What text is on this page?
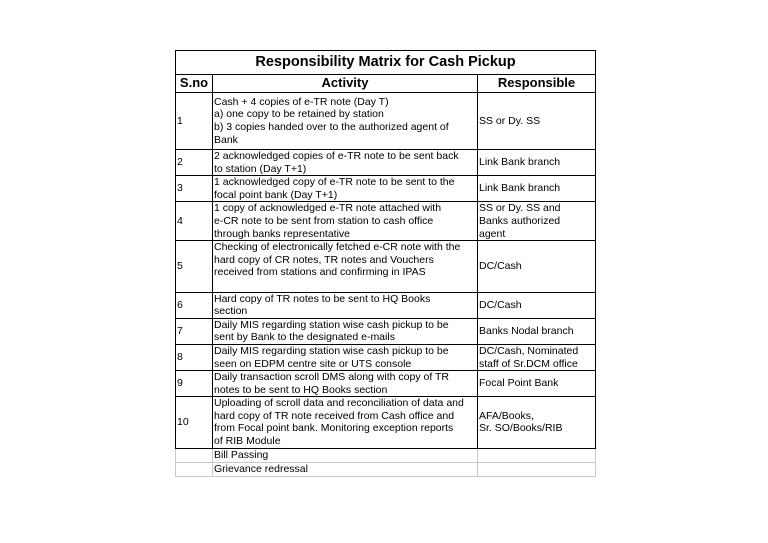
Responsibility Matrix for Cash Pickup		
S.no	Activity	Responsible
1	Cash + 4 copies of e-TR note (Day T)
a) one copy to be retained by station
b) 3 copies handed over to the authorized agent of
Bank	SS or Dy. SS

2	2 acknowledged copies of e-TR note to be sent back
to station (Day T+1)	Link Bank branch

3	1 acknowledged copy of e-TR note to be sent to the
focal point bank (Day T+1)	Link Bank branch

4	1 copy of acknowledged e-TR note attached with
e-CR note to be sent from station to cash office
through banks representative	SS or Dy. SS and
Banks authorized
agent

5	Checking of electronically fetched e-CR note with the
hard copy of CR notes, TR notes and Vouchers
received from stations and confirming in IPAS	DC/Cash

6	Hard copy of TR notes to be sent to HQ Books
section	DC/Cash

7	Daily MIS regarding station wise cash pickup to be
sent by Bank to the designated e-mails	Banks Nodal branch

8	Daily MIS regarding station wise cash pickup to be
seen on EDPM centre site or UTS console	DC/Cash, Nominated
staff of Sr.DCM office

9	Daily transaction scroll DMS along with copy of TR
notes to be sent to HQ Books section	Focal Point Bank

10	Uploading of scroll data and reconciliation of data and
hard copy of TR note received from Cash office and
from Focal point bank. Monitoring exception reports
of RIB Module	AFA/Books,
Sr. SO/Books/RIB

	Bill Passing	
	Grievance redressal	
